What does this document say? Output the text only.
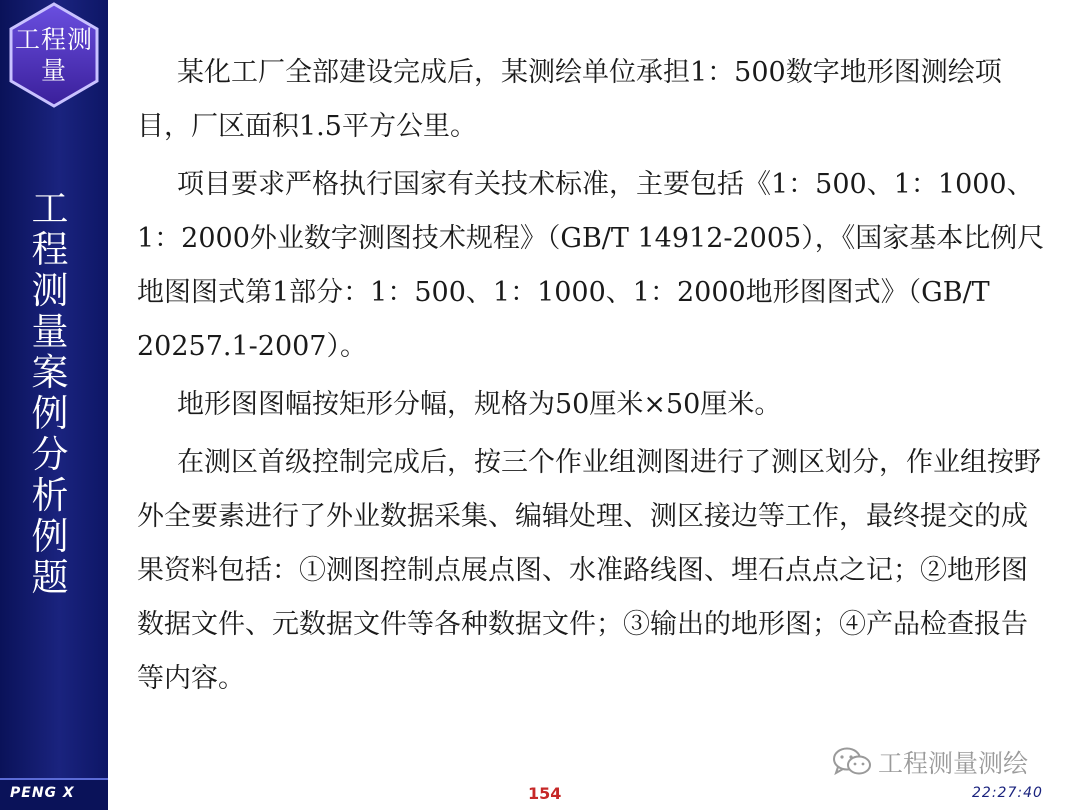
工程测量
工程测量案例分析例题

某化工厂全部建设完成后，某测绘单位承担1：500数字地形图测绘项目，厂区面积1.5平方公里。

项目要求严格执行国家有关技术标准，主要包括《1：500、1：1000、1：2000外业数字测图技术规程》（GB/T 14912-2005），《国家基本比例尺地图图式第1部分：1：500、1：1000、1：2000地形图图式》（GB/T 20257.1-2007）。

地形图图幅按矩形分幅，规格为50厘米×50厘米。

在测区首级控制完成后，按三个作业组测图进行了测区划分，作业组按野外全要素进行了外业数据采集、编辑处理、测区接边等工作，最终提交的成果资料包括：①测图控制点展点图、水准路线图、埋石点点之记；②地形图数据文件、元数据文件等各种数据文件；③输出的地形图；④产品检查报告等内容。

工程测量测绘
PENG X	154	22:27:40
